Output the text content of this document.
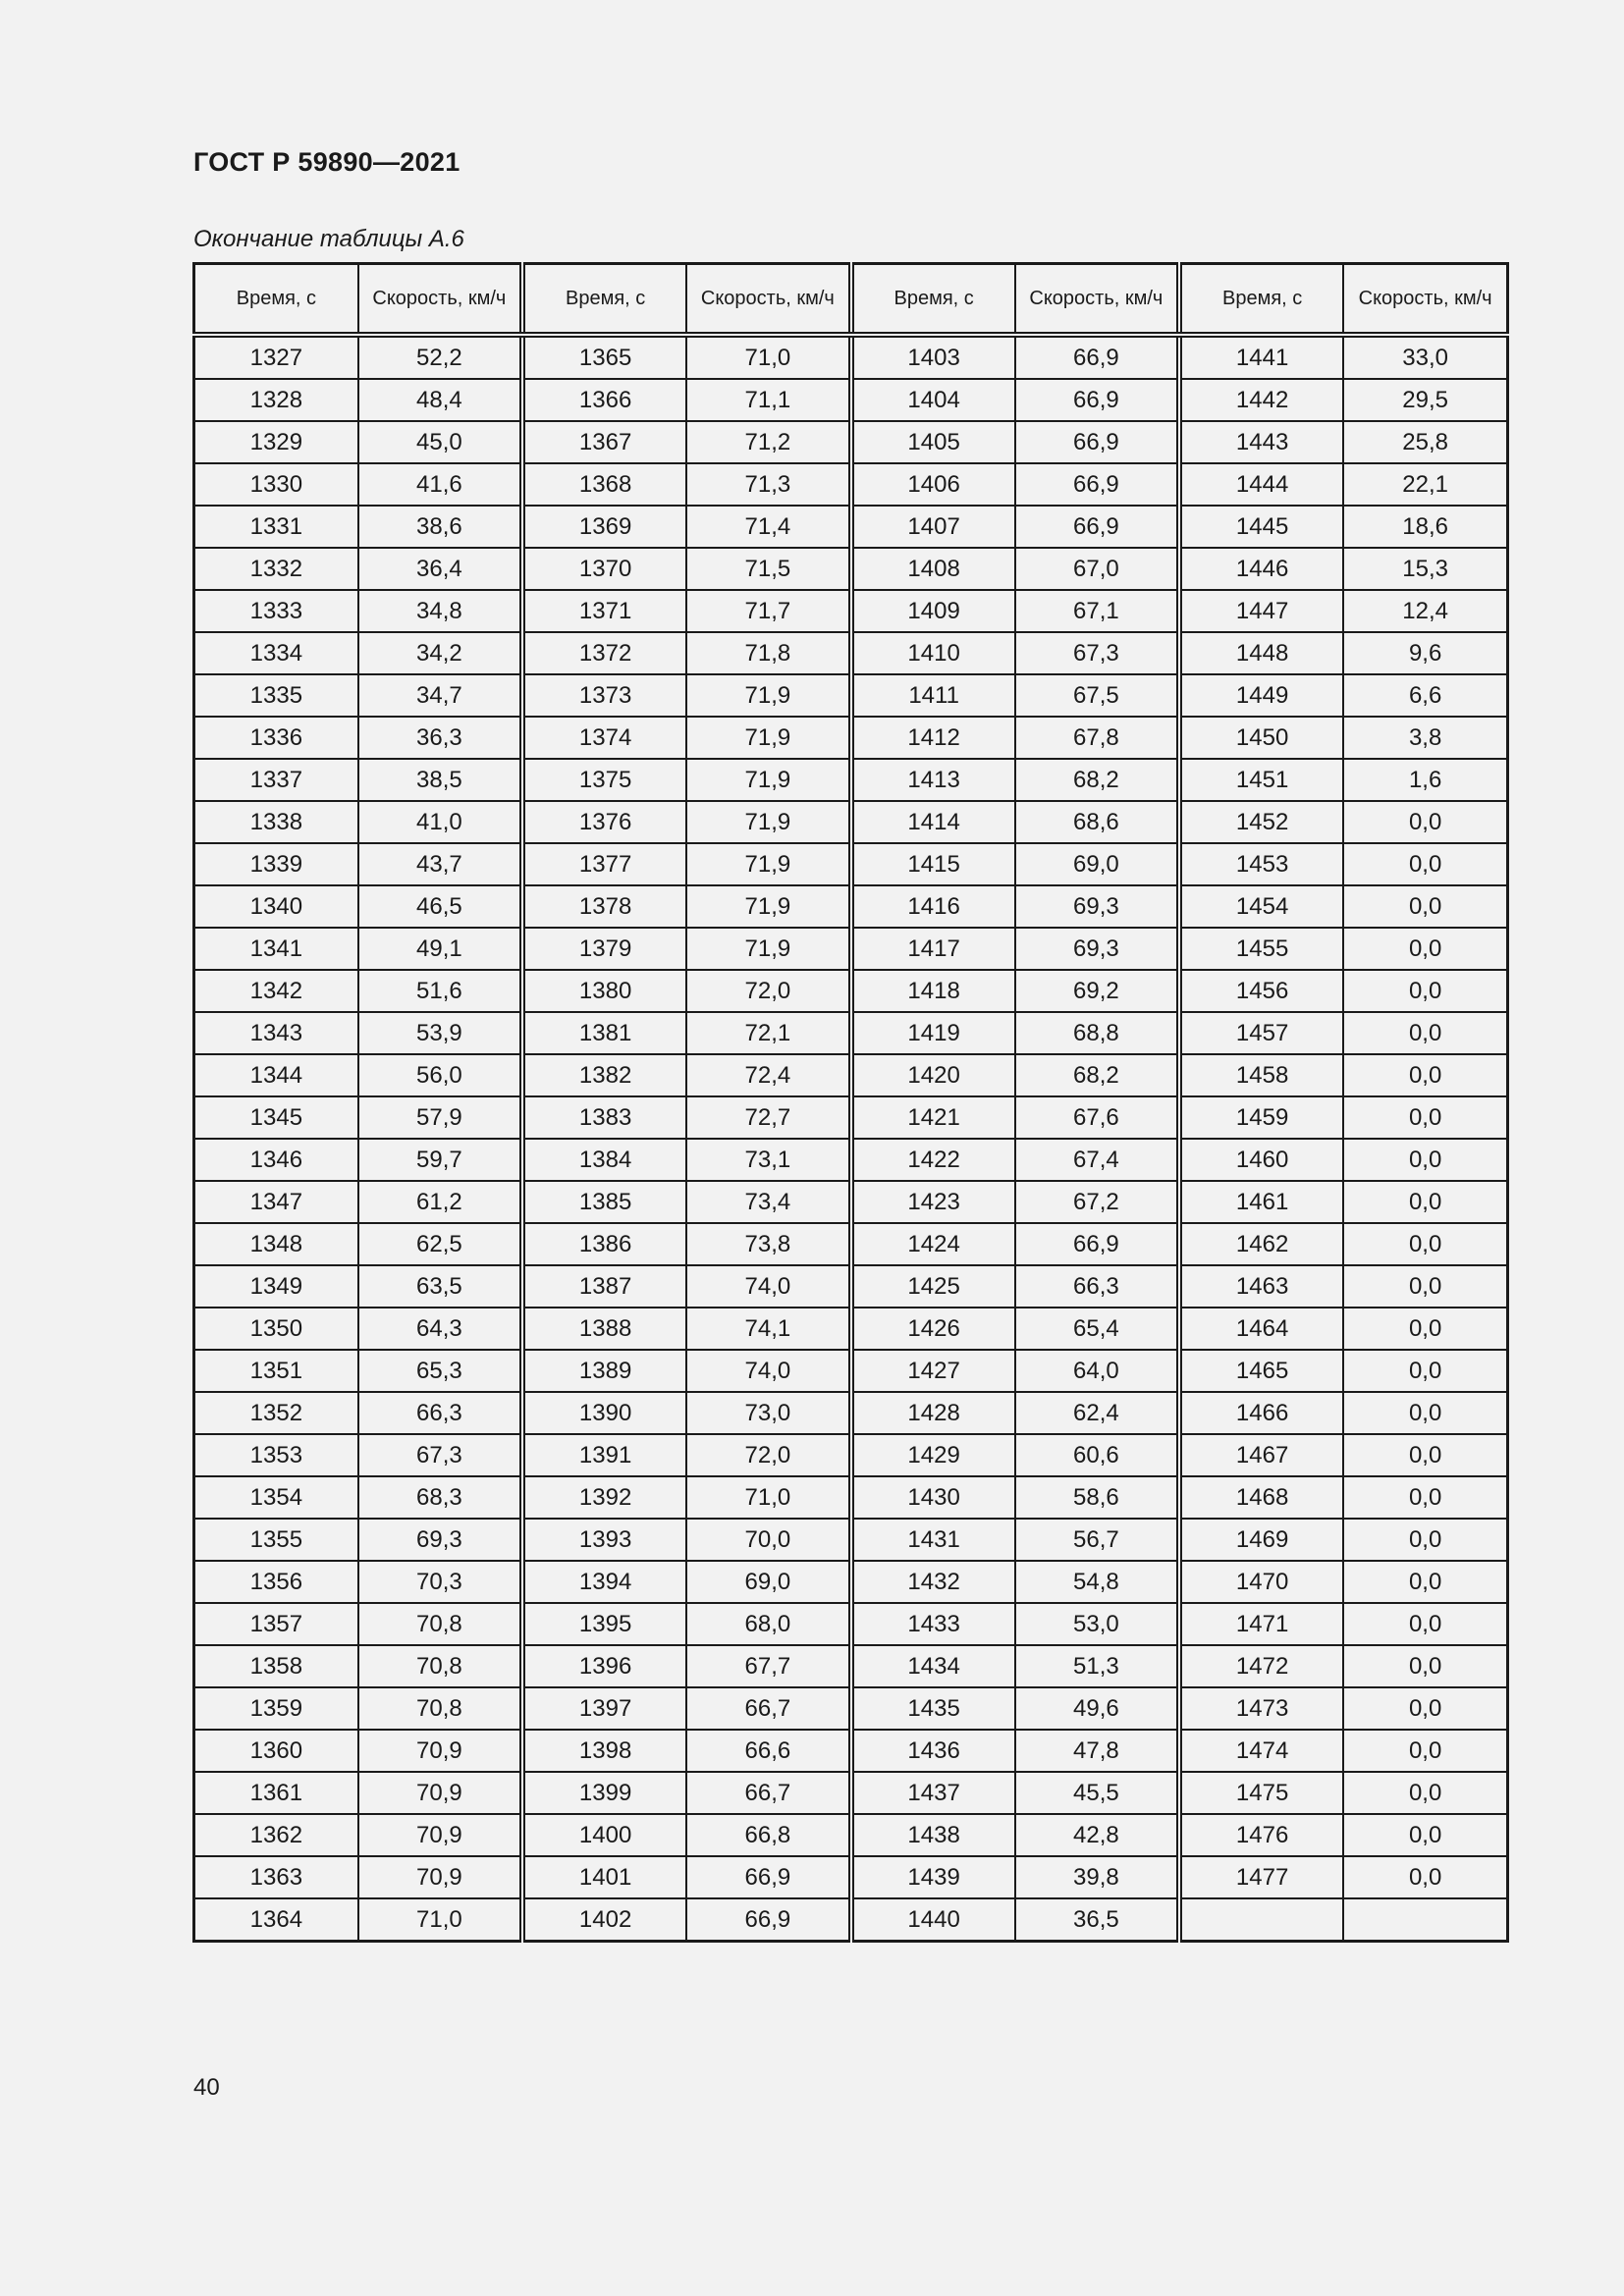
ГОСТ Р 59890—2021

Окончание таблицы А.6

Время, с	Скорость, км/ч	Время, с	Скорость, км/ч	Время, с	Скорость, км/ч	Время, с	Скорость, км/ч
1327	52,2	1365	71,0	1403	66,9	1441	33,0
1328	48,4	1366	71,1	1404	66,9	1442	29,5
1329	45,0	1367	71,2	1405	66,9	1443	25,8
1330	41,6	1368	71,3	1406	66,9	1444	22,1
1331	38,6	1369	71,4	1407	66,9	1445	18,6
1332	36,4	1370	71,5	1408	67,0	1446	15,3
1333	34,8	1371	71,7	1409	67,1	1447	12,4
1334	34,2	1372	71,8	1410	67,3	1448	9,6
1335	34,7	1373	71,9	1411	67,5	1449	6,6
1336	36,3	1374	71,9	1412	67,8	1450	3,8
1337	38,5	1375	71,9	1413	68,2	1451	1,6
1338	41,0	1376	71,9	1414	68,6	1452	0,0
1339	43,7	1377	71,9	1415	69,0	1453	0,0
1340	46,5	1378	71,9	1416	69,3	1454	0,0
1341	49,1	1379	71,9	1417	69,3	1455	0,0
1342	51,6	1380	72,0	1418	69,2	1456	0,0
1343	53,9	1381	72,1	1419	68,8	1457	0,0
1344	56,0	1382	72,4	1420	68,2	1458	0,0
1345	57,9	1383	72,7	1421	67,6	1459	0,0
1346	59,7	1384	73,1	1422	67,4	1460	0,0
1347	61,2	1385	73,4	1423	67,2	1461	0,0
1348	62,5	1386	73,8	1424	66,9	1462	0,0
1349	63,5	1387	74,0	1425	66,3	1463	0,0
1350	64,3	1388	74,1	1426	65,4	1464	0,0
1351	65,3	1389	74,0	1427	64,0	1465	0,0
1352	66,3	1390	73,0	1428	62,4	1466	0,0
1353	67,3	1391	72,0	1429	60,6	1467	0,0
1354	68,3	1392	71,0	1430	58,6	1468	0,0
1355	69,3	1393	70,0	1431	56,7	1469	0,0
1356	70,3	1394	69,0	1432	54,8	1470	0,0
1357	70,8	1395	68,0	1433	53,0	1471	0,0
1358	70,8	1396	67,7	1434	51,3	1472	0,0
1359	70,8	1397	66,7	1435	49,6	1473	0,0
1360	70,9	1398	66,6	1436	47,8	1474	0,0
1361	70,9	1399	66,7	1437	45,5	1475	0,0
1362	70,9	1400	66,8	1438	42,8	1476	0,0
1363	70,9	1401	66,9	1439	39,8	1477	0,0
1364	71,0	1402	66,9	1440	36,5		

40
